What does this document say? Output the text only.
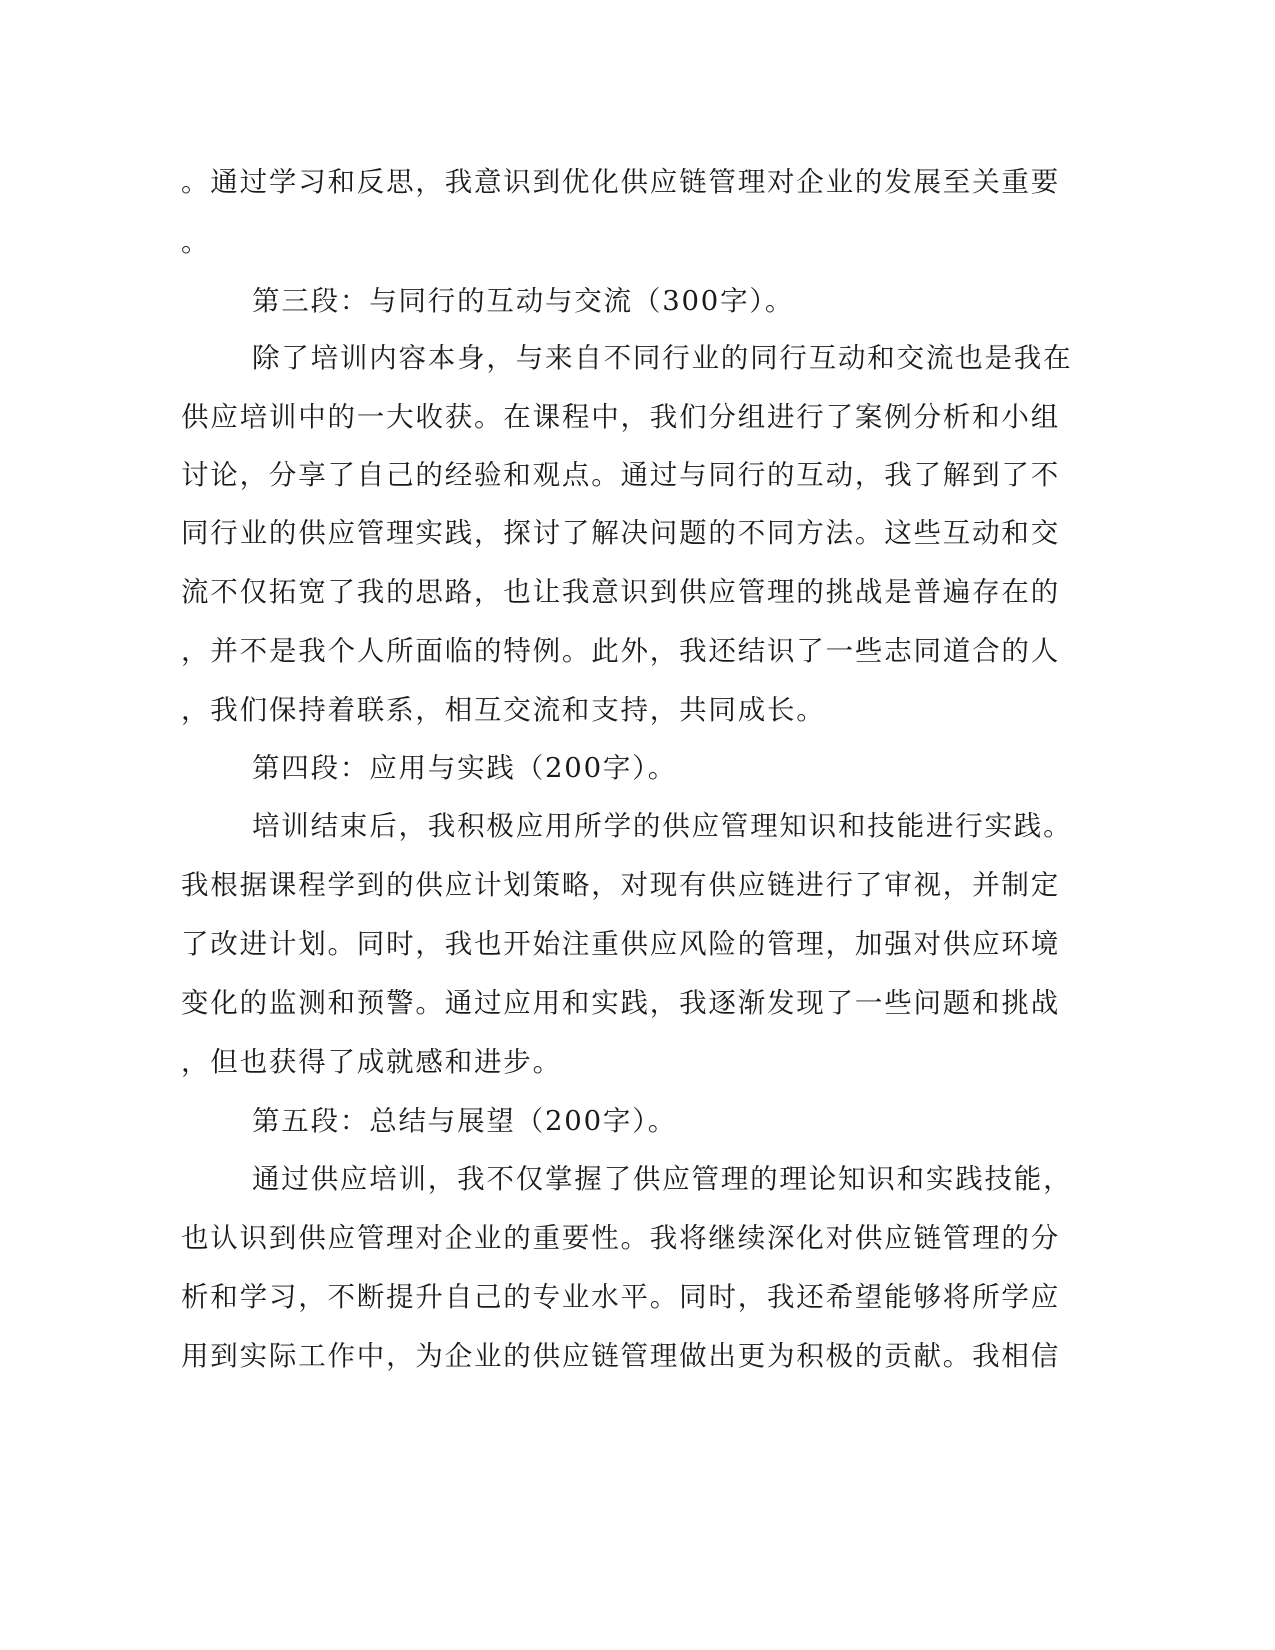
。通过学习和反思，我意识到优化供应链管理对企业的发展至关重要
。
第三段：与同行的互动与交流（300字）。
除了培训内容本身，与来自不同行业的同行互动和交流也是我在
供应培训中的一大收获。在课程中，我们分组进行了案例分析和小组
讨论，分享了自己的经验和观点。通过与同行的互动，我了解到了不
同行业的供应管理实践，探讨了解决问题的不同方法。这些互动和交
流不仅拓宽了我的思路，也让我意识到供应管理的挑战是普遍存在的
，并不是我个人所面临的特例。此外，我还结识了一些志同道合的人
，我们保持着联系，相互交流和支持，共同成长。
第四段：应用与实践（200字）。
培训结束后，我积极应用所学的供应管理知识和技能进行实践。
我根据课程学到的供应计划策略，对现有供应链进行了审视，并制定
了改进计划。同时，我也开始注重供应风险的管理，加强对供应环境
变化的监测和预警。通过应用和实践，我逐渐发现了一些问题和挑战
，但也获得了成就感和进步。
第五段：总结与展望（200字）。
通过供应培训，我不仅掌握了供应管理的理论知识和实践技能，
也认识到供应管理对企业的重要性。我将继续深化对供应链管理的分
析和学习，不断提升自己的专业水平。同时，我还希望能够将所学应
用到实际工作中，为企业的供应链管理做出更为积极的贡献。我相信
